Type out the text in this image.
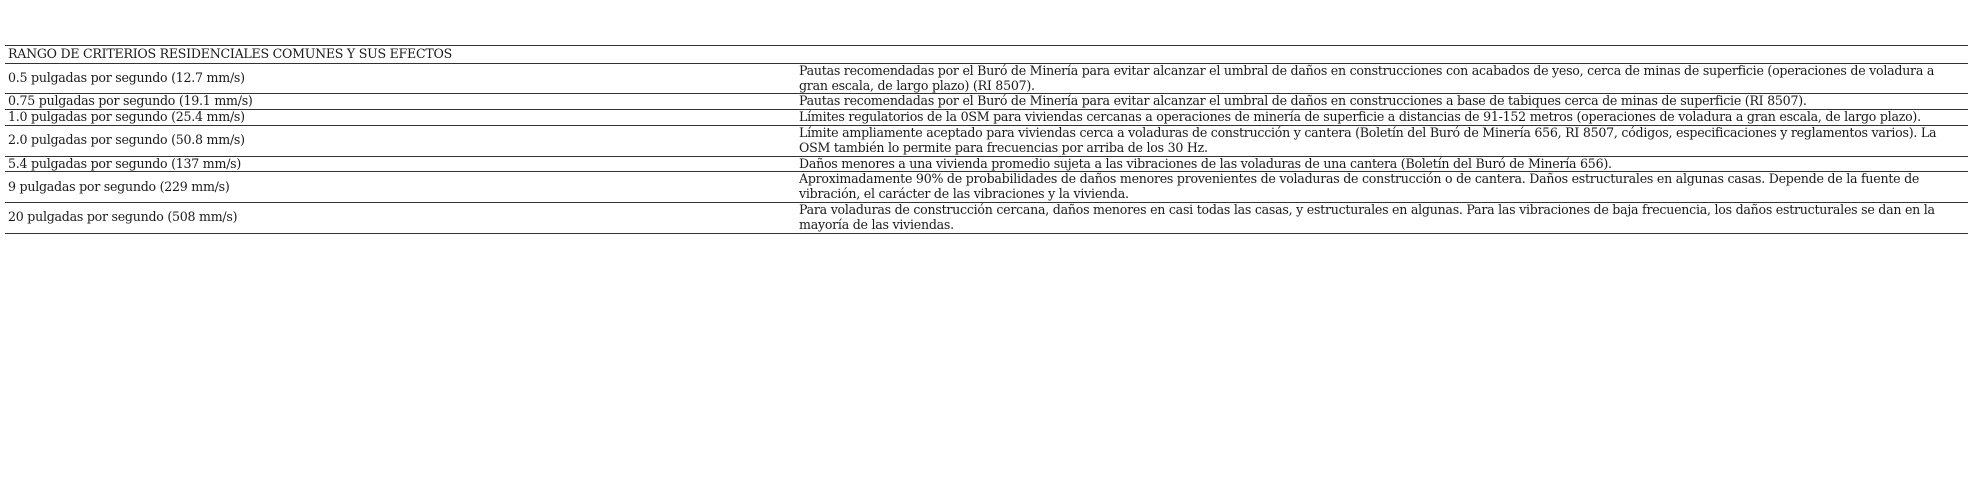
RANGO DE CRITERIOS RESIDENCIALES COMUNES Y SUS EFECTOS	
0.5 pulgadas por segundo (12.7 mm/s)	Pautas recomendadas por el Buró de Minería para evitar alcanzar el umbral de daños en construcciones con acabados de yeso, cerca de minas de superficie (operaciones de voladura a gran escala, de largo plazo) (RI 8507).
0.75 pulgadas por segundo (19.1 mm/s)	Pautas recomendadas por el Buró de Minería para evitar alcanzar el umbral de daños en construcciones a base de tabiques cerca de minas de superficie (RI 8507).
1.0 pulgadas por segundo (25.4 mm/s)	Límites regulatorios de la 0SM para viviendas cercanas a operaciones de minería de superficie a distancias de 91-152 metros (operaciones de voladura a gran escala, de largo plazo).
2.0 pulgadas por segundo (50.8 mm/s)	Límite ampliamente aceptado para viviendas cerca a voladuras de construcción y cantera (Boletín del Buró de Minería 656, RI 8507, códigos, especificaciones y reglamentos varios). La OSM también lo permite para frecuencias por arriba de los 30 Hz.
5.4 pulgadas por segundo (137 mm/s)	Daños menores a una vivienda promedio sujeta a las vibraciones de las voladuras de una cantera (Boletín del Buró de Minería 656).
9 pulgadas por segundo (229 mm/s)	Aproximadamente 90% de probabilidades de daños menores provenientes de voladuras de construcción o de cantera. Daños estructurales en algunas casas. Depende de la fuente de vibración, el carácter de las vibraciones y la vivienda.
20 pulgadas por segundo (508 mm/s)	Para voladuras de construcción cercana, daños menores en casi todas las casas, y estructurales en algunas. Para las vibraciones de baja frecuencia, los daños estructurales se dan en la mayoría de las viviendas.
